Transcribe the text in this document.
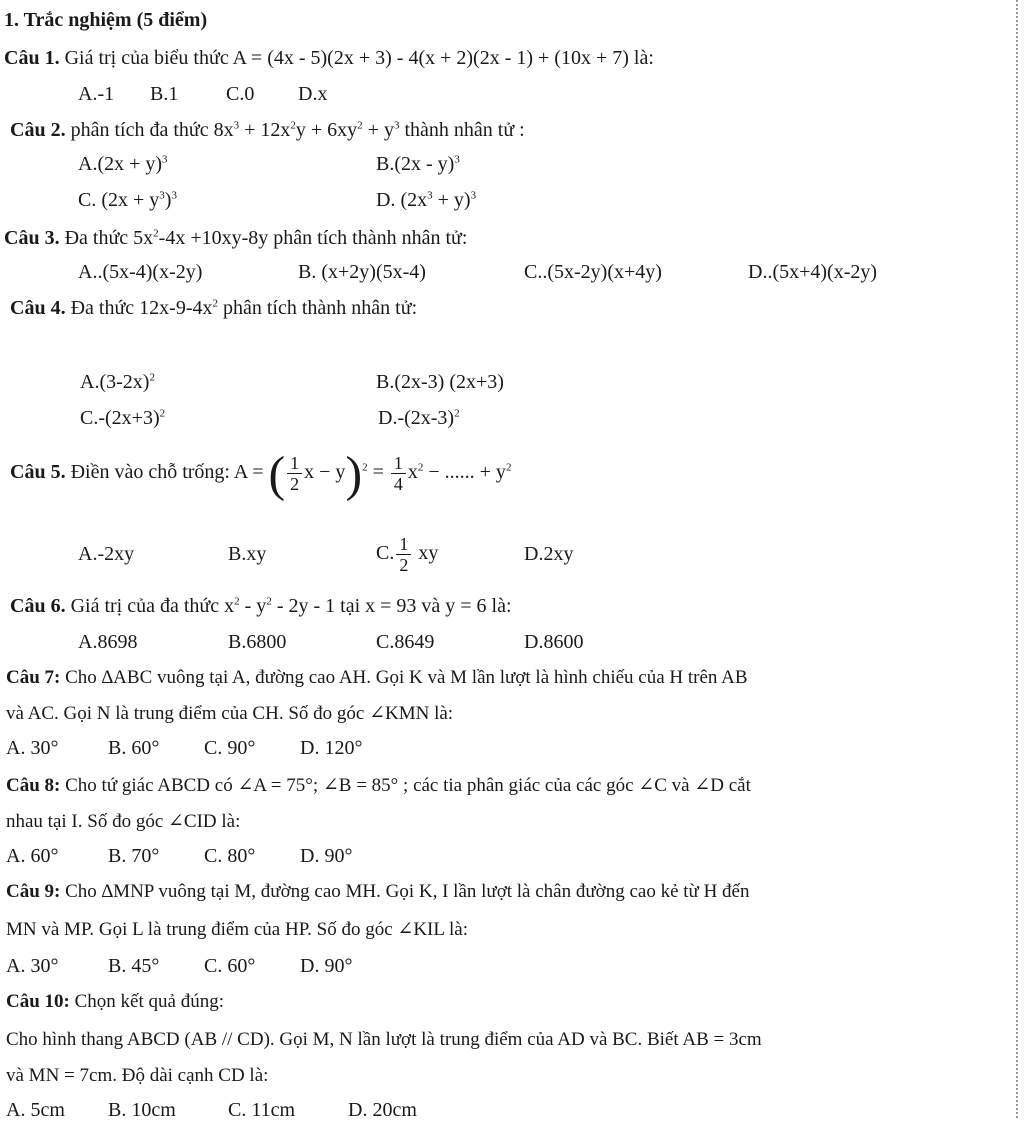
1. Trắc nghiệm (5 điểm)
Câu 1. Giá trị của biểu thức A = (4x - 5)(2x + 3) - 4(x + 2)(2x - 1) + (10x + 7) là:
A.-1 B.1 C.0 D.x
Câu 2. phân tích đa thức $8x^3 + 12x^2y + 6xy^2 + y^3$ thành nhân tử :
$A.(2x + y)^3$	B.(2x - y)$^3$
C. $(2x + y^3)^3$	D. $(2x^3 + y)^3$
Câu 3. Đa thức $5x^2-4x +10xy-8y$ phân tích thành nhân tử:
A..(5x-4)(x-2y)	B. (x+2y)(5x-4)	C..(5x-2y)(x+4y)	D..(5x+4)(x-2y)
Câu 4. Đa thức $12x-9-4x^2$ phân tích thành nhân tử:
$A.(3-2x)^2$	B.(2x-3) (2x+3)
$C.-(2x+3)^2$	$D.-(2x-3)^2$
Câu 5. Điền vào chỗ trống: A = ( $\frac{1}{2}$ $x - y)^2 = \frac{1}{4} x^2$ − ...... + $y^2$
A.-2xy	B.xy	C. $\frac{1}{2}$ xy	D.2xy
Câu 6. Giá trị của đa thức $x^2 - y^2 - 2y - 1$ tại x = 93 và y = 6 là:
A.8698	B.6800	C.8649	D.8600
Câu 7: Cho ∆ABC vuông tại A, đường cao AH. Gọi K và M lần lượt là hình chiếu của H trên AB
và AC. Gọi N là trung điểm của CH. Số đo góc ∠KMN là:
A. 30° B. 60° C. 90° D. 120°
Câu 8: Cho tứ giác ABCD có ∠A = 75°; ∠B = 85° ; các tia phân giác của các góc ∠C và ∠D cắt
nhau tại I. Số đo góc ∠CID là:
A. 60° B. 70° C. 80° D. 90°
Câu 9: Cho ∆MNP vuông tại M, đường cao MH. Gọi K, I lần lượt là chân đường cao kẻ từ H đến
MN và MP. Gọi L là trung điểm của HP. Số đo góc ∠KIL là:
A. 30° B. 45° C. 60° D. 90°
Câu 10: Chọn kết quả đúng:
Cho hình thang ABCD (AB // CD). Gọi M, N lần lượt là trung điểm của AD và BC. Biết AB = 3cm
và MN = 7cm. Độ dài cạnh CD là:
A. 5cm B. 10cm	C. 11cm	D. 20cm
